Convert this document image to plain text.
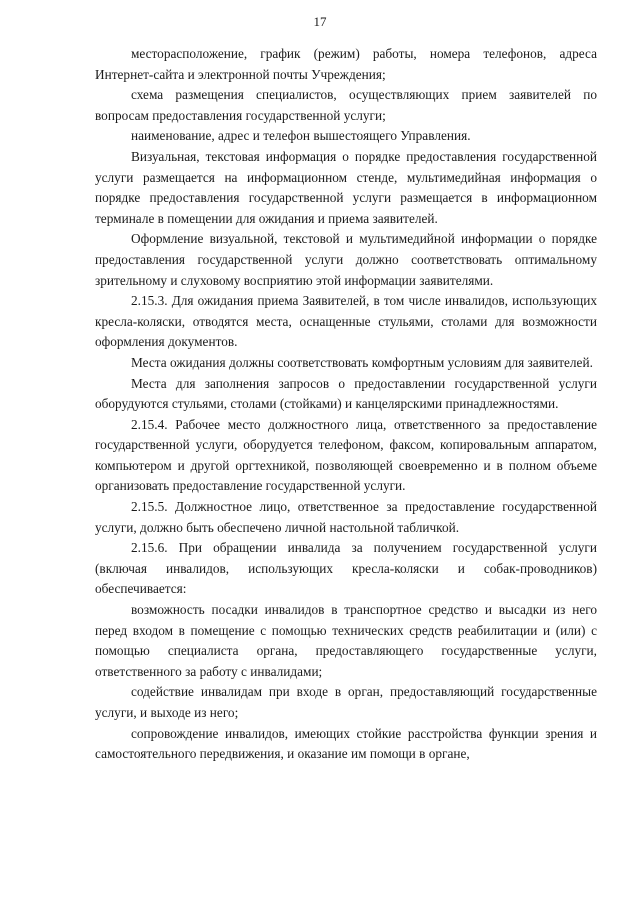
17

месторасположение, график (режим) работы, номера телефонов, адреса Интернет-сайта и электронной почты Учреждения;

схема размещения специалистов, осуществляющих прием заявителей по вопросам предоставления государственной услуги;

наименование, адрес и телефон вышестоящего Управления.

Визуальная, текстовая информация о порядке предоставления государственной услуги размещается на информационном стенде, мультимедийная информация о порядке предоставления государственной услуги размещается в информационном терминале в помещении для ожидания и приема заявителей.

Оформление визуальной, текстовой и мультимедийной информации о порядке предоставления государственной услуги должно соответствовать оптимальному зрительному и слуховому восприятию этой информации заявителями.

2.15.3. Для ожидания приема Заявителей, в том числе инвалидов, использующих кресла-коляски, отводятся места, оснащенные стульями, столами для возможности оформления документов.

Места ожидания должны соответствовать комфортным условиям для заявителей.

Места для заполнения запросов о предоставлении государственной услуги оборудуются стульями, столами (стойками) и канцелярскими принадлежностями.

2.15.4. Рабочее место должностного лица, ответственного за предоставление государственной услуги, оборудуется телефоном, факсом, копировальным аппаратом, компьютером и другой оргтехникой, позволяющей своевременно и в полном объеме организовать предоставление государственной услуги.

2.15.5. Должностное лицо, ответственное за предоставление государственной услуги, должно быть обеспечено личной настольной табличкой.

2.15.6. При обращении инвалида за получением государственной услуги (включая инвалидов, использующих кресла-коляски и собак-проводников) обеспечивается:

возможность посадки инвалидов в транспортное средство и высадки из него перед входом в помещение с помощью технических средств реабилитации и (или) с помощью специалиста органа, предоставляющего государственные услуги, ответственного за работу с инвалидами;

содействие инвалидам при входе в орган, предоставляющий государственные услуги, и выходе из него;

сопровождение инвалидов, имеющих стойкие расстройства функции зрения и самостоятельного передвижения, и оказание им помощи в органе,
